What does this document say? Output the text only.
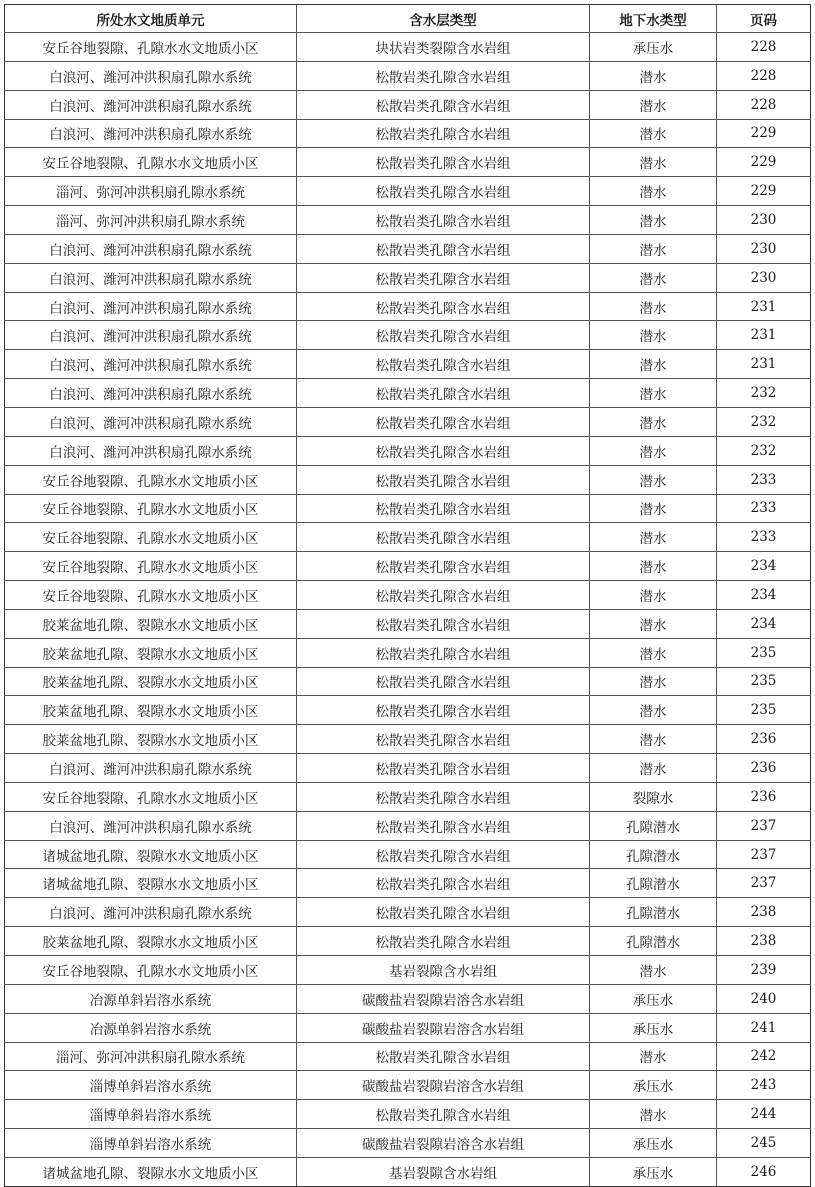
所处水文地质单元	含水层类型	地下水类型	页码
安丘谷地裂隙、孔隙水水文地质小区	块状岩类裂隙含水岩组	承压水	228
白浪河、潍河冲洪积扇孔隙水系统	松散岩类孔隙含水岩组	潜水	228
白浪河、潍河冲洪积扇孔隙水系统	松散岩类孔隙含水岩组	潜水	228
白浪河、潍河冲洪积扇孔隙水系统	松散岩类孔隙含水岩组	潜水	229
安丘谷地裂隙、孔隙水水文地质小区	松散岩类孔隙含水岩组	潜水	229
淄河、弥河冲洪积扇孔隙水系统	松散岩类孔隙含水岩组	潜水	229
淄河、弥河冲洪积扇孔隙水系统	松散岩类孔隙含水岩组	潜水	230
白浪河、潍河冲洪积扇孔隙水系统	松散岩类孔隙含水岩组	潜水	230
白浪河、潍河冲洪积扇孔隙水系统	松散岩类孔隙含水岩组	潜水	230
白浪河、潍河冲洪积扇孔隙水系统	松散岩类孔隙含水岩组	潜水	231
白浪河、潍河冲洪积扇孔隙水系统	松散岩类孔隙含水岩组	潜水	231
白浪河、潍河冲洪积扇孔隙水系统	松散岩类孔隙含水岩组	潜水	231
白浪河、潍河冲洪积扇孔隙水系统	松散岩类孔隙含水岩组	潜水	232
白浪河、潍河冲洪积扇孔隙水系统	松散岩类孔隙含水岩组	潜水	232
白浪河、潍河冲洪积扇孔隙水系统	松散岩类孔隙含水岩组	潜水	232
安丘谷地裂隙、孔隙水水文地质小区	松散岩类孔隙含水岩组	潜水	233
安丘谷地裂隙、孔隙水水文地质小区	松散岩类孔隙含水岩组	潜水	233
安丘谷地裂隙、孔隙水水文地质小区	松散岩类孔隙含水岩组	潜水	233
安丘谷地裂隙、孔隙水水文地质小区	松散岩类孔隙含水岩组	潜水	234
安丘谷地裂隙、孔隙水水文地质小区	松散岩类孔隙含水岩组	潜水	234
胶莱盆地孔隙、裂隙水水文地质小区	松散岩类孔隙含水岩组	潜水	234
胶莱盆地孔隙、裂隙水水文地质小区	松散岩类孔隙含水岩组	潜水	235
胶莱盆地孔隙、裂隙水水文地质小区	松散岩类孔隙含水岩组	潜水	235
胶莱盆地孔隙、裂隙水水文地质小区	松散岩类孔隙含水岩组	潜水	235
胶莱盆地孔隙、裂隙水水文地质小区	松散岩类孔隙含水岩组	潜水	236
白浪河、潍河冲洪积扇孔隙水系统	松散岩类孔隙含水岩组	潜水	236
安丘谷地裂隙、孔隙水水文地质小区	松散岩类孔隙含水岩组	裂隙水	236
白浪河、潍河冲洪积扇孔隙水系统	松散岩类孔隙含水岩组	孔隙潜水	237
诸城盆地孔隙、裂隙水水文地质小区	松散岩类孔隙含水岩组	孔隙潜水	237
诸城盆地孔隙、裂隙水水文地质小区	松散岩类孔隙含水岩组	孔隙潜水	237
白浪河、潍河冲洪积扇孔隙水系统	松散岩类孔隙含水岩组	孔隙潜水	238
胶莱盆地孔隙、裂隙水水文地质小区	松散岩类孔隙含水岩组	孔隙潜水	238
安丘谷地裂隙、孔隙水水文地质小区	基岩裂隙含水岩组	潜水	239
冶源单斜岩溶水系统	碳酸盐岩裂隙岩溶含水岩组	承压水	240
冶源单斜岩溶水系统	碳酸盐岩裂隙岩溶含水岩组	承压水	241
淄河、弥河冲洪积扇孔隙水系统	松散岩类孔隙含水岩组	潜水	242
淄博单斜岩溶水系统	碳酸盐岩裂隙岩溶含水岩组	承压水	243
淄博单斜岩溶水系统	松散岩类孔隙含水岩组	潜水	244
淄博单斜岩溶水系统	碳酸盐岩裂隙岩溶含水岩组	承压水	245
诸城盆地孔隙、裂隙水水文地质小区	基岩裂隙含水岩组	承压水	246
